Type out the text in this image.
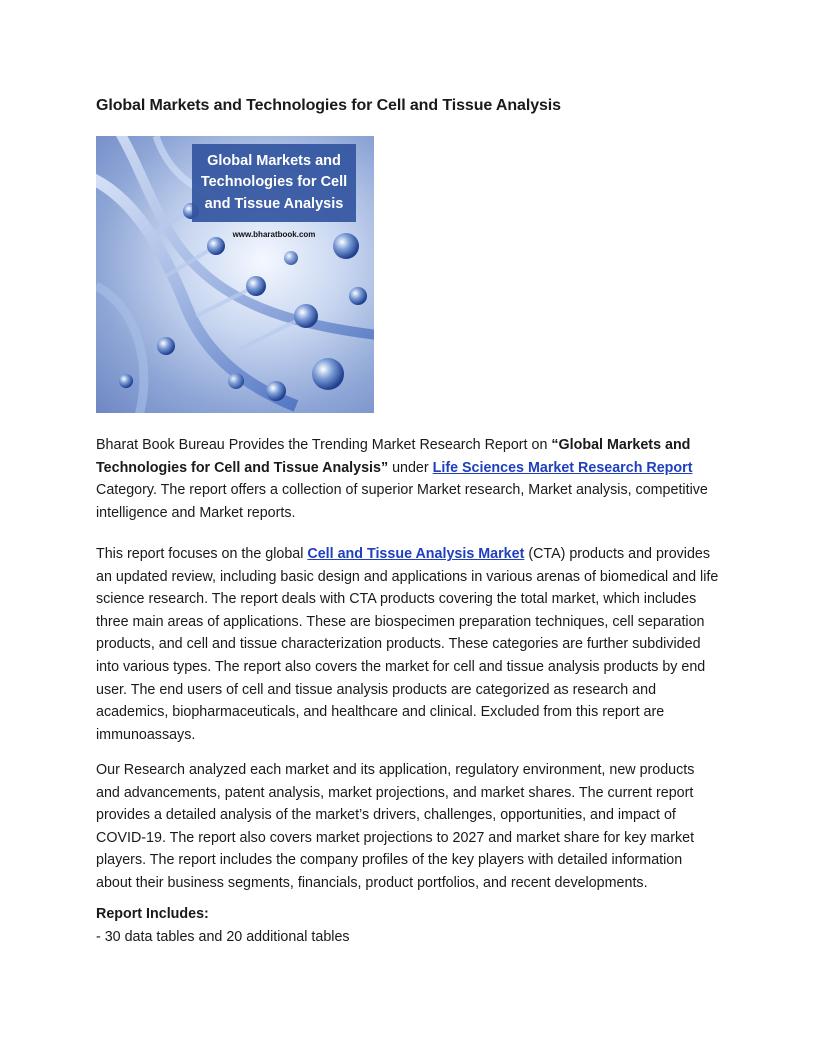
Global Markets and Technologies for Cell and Tissue Analysis
Global Markets and
Technologies for Cell
and Tissue Analysis
www.bharatbook.com

Bharat Book Bureau Provides the Trending Market Research Report on “Global Markets and Technologies for Cell and Tissue Analysis” under Life Sciences Market Research Report Category. The report offers a collection of superior Market research, Market analysis, competitive intelligence and Market reports.

This report focuses on the global Cell and Tissue Analysis Market (CTA) products and provides an updated review, including basic design and applications in various arenas of biomedical and life science research. The report deals with CTA products covering the total market, which includes three main areas of applications. These are biospecimen preparation techniques, cell separation products, and cell and tissue characterization products. These categories are further subdivided into various types. The report also covers the market for cell and tissue analysis products by end user. The end users of cell and tissue analysis products are categorized as research and academics, biopharmaceuticals, and healthcare and clinical. Excluded from this report are immunoassays.

Our Research analyzed each market and its application, regulatory environment, new products and advancements, patent analysis, market projections, and market shares. The current report provides a detailed analysis of the market’s drivers, challenges, opportunities, and impact of COVID-19. The report also covers market projections to 2027 and market share for key market players. The report includes the company profiles of the key players with detailed information about their business segments, financials, product portfolios, and recent developments.

Report Includes:

- 30 data tables and 20 additional tables
